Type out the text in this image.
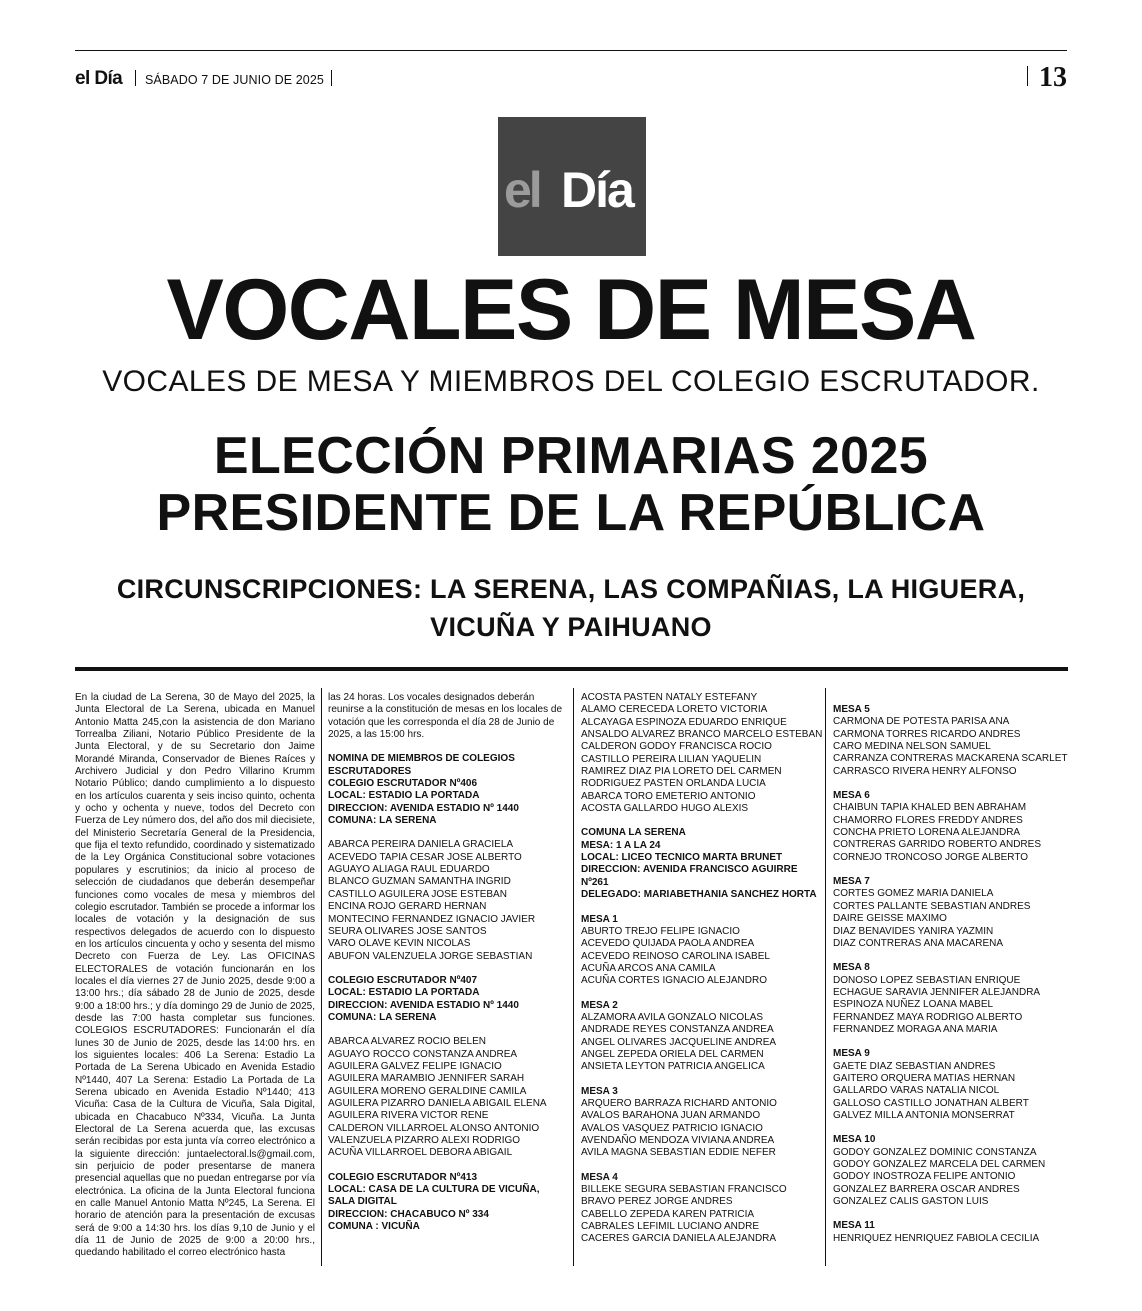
el Día SÁBADO 7 DE JUNIO DE 2025	13
el Día
VOCALES DE MESA
VOCALES DE MESA Y MIEMBROS DEL COLEGIO ESCRUTADOR.
ELECCIÓN PRIMARIAS 2025
PRESIDENTE DE LA REPÚBLICA
CIRCUNSCRIPCIONES: LA SERENA, LAS COMPAÑIAS, LA HIGUERA,
VICUÑA Y PAIHUANO
En la ciudad de La Serena, 30 de Mayo del 2025, la Junta Electoral de La Serena, ubicada en Manuel Antonio Matta 245,con la asistencia de don Mariano Torrealba Ziliani, Notario Público Presidente de la Junta Electoral, y de su Secretario don Jaime Morandé Miranda, Conservador de Bienes Raíces y Archivero Judicial y don Pedro Villarino Krumm Notario Público; dando cumplimiento a lo dispuesto en los artículos cuarenta y seis inciso quinto, ochenta y ocho y ochenta y nueve, todos del Decreto con Fuerza de Ley número dos, del año dos mil diecisiete, del Ministerio Secretaría General de la Presidencia, que fija el texto refundido, coordinado y sistematizado de la Ley Orgánica Constitucional sobre votaciones populares y escrutinios; da inicio al proceso de selección de ciudadanos que deberán desempeñar funciones como vocales de mesa y miembros del colegio escrutador. También se procede a informar los locales de votación y la designación de sus respectivos delegados de acuerdo con lo dispuesto en los artículos cincuenta y ocho y sesenta del mismo Decreto con Fuerza de Ley. Las OFICINAS ELECTORALES de votación funcionarán en los locales el día viernes 27 de Junio 2025, desde 9:00 a 13:00 hrs.; día sábado 28 de Junio de 2025, desde 9:00 a 18:00 hrs.; y día domingo 29 de Junio de 2025, desde las 7:00 hasta completar sus funciones. COLEGIOS ESCRUTADORES: Funcionarán el día lunes 30 de Junio de 2025, desde las 14:00 hrs. en los siguientes locales: 406 La Serena: Estadio La Portada de La Serena Ubicado en Avenida Estadio Nº1440, 407 La Serena: Estadio La Portada de La Serena ubicado en Avenida Estadio Nº1440; 413 Vicuña: Casa de la Cultura de Vicuña, Sala Digital, ubicada en Chacabuco Nº334, Vicuña. La Junta Electoral de La Serena acuerda que, las excusas serán recibidas por esta junta vía correo electrónico a la siguiente dirección: juntaelectoral.ls@gmail.com, sin perjuicio de poder presentarse de manera presencial aquellas que no puedan entregarse por vía electrónica. La oficina de la Junta Electoral funciona en calle Manuel Antonio Matta Nº245, La Serena. El horario de atención para la presentación de excusas será de 9:00 a 14:30 hrs. los días 9,10 de Junio y el día 11 de Junio de 2025 de 9:00 a 20:00 hrs., quedando habilitado el correo electrónico hasta
las 24 horas. Los vocales designados deberán reunirse a la constitución de mesas en los locales de votación que les corresponda el día 28 de Junio de 2025, a las 15:00 hrs.
NOMINA DE MIEMBROS DE COLEGIOS ESCRUTADORES
COLEGIO ESCRUTADOR Nº406
LOCAL: ESTADIO LA PORTADA
DIRECCION: AVENIDA ESTADIO Nº 1440
COMUNA: LA SERENA
ABARCA PEREIRA DANIELA GRACIELA
ACEVEDO TAPIA CESAR JOSE ALBERTO
AGUAYO ALIAGA RAUL EDUARDO
BLANCO GUZMAN SAMANTHA INGRID
CASTILLO AGUILERA JOSE ESTEBAN
ENCINA ROJO GERARD HERNAN
MONTECINO FERNANDEZ IGNACIO JAVIER
SEURA OLIVARES JOSE SANTOS
VARO OLAVE KEVIN NICOLAS
ABUFON VALENZUELA JORGE SEBASTIAN
COLEGIO ESCRUTADOR Nº407
LOCAL: ESTADIO LA PORTADA
DIRECCION: AVENIDA ESTADIO Nº 1440
COMUNA: LA SERENA
ABARCA ALVAREZ ROCIO BELEN
AGUAYO ROCCO CONSTANZA ANDREA
AGUILERA GALVEZ FELIPE IGNACIO
AGUILERA MARAMBIO JENNIFER SARAH
AGUILERA MORENO GERALDINE CAMILA
AGUILERA PIZARRO DANIELA ABIGAIL ELENA
AGUILERA RIVERA VICTOR RENE
CALDERON VILLARROEL ALONSO ANTONIO
VALENZUELA PIZARRO ALEXI RODRIGO
ACUÑA VILLARROEL DEBORA ABIGAIL
COLEGIO ESCRUTADOR Nº413
LOCAL: CASA DE LA CULTURA DE VICUÑA, SALA DIGITAL
DIRECCION: CHACABUCO Nº 334
COMUNA : VICUÑA
ACOSTA PASTEN NATALY ESTEFANY
ALAMO CERECEDA LORETO VICTORIA
ALCAYAGA ESPINOZA EDUARDO ENRIQUE
ANSALDO ALVAREZ BRANCO MARCELO ESTEBAN
CALDERON GODOY FRANCISCA ROCIO
CASTILLO PEREIRA LILIAN YAQUELIN
RAMIREZ DIAZ PIA LORETO DEL CARMEN
RODRIGUEZ PASTEN ORLANDA LUCIA
ABARCA TORO EMETERIO ANTONIO
ACOSTA GALLARDO HUGO ALEXIS
COMUNA LA SERENA
MESA: 1 A LA 24
LOCAL: LICEO TECNICO MARTA BRUNET
DIRECCION: AVENIDA FRANCISCO AGUIRRE Nº261
DELEGADO: MARIABETHANIA SANCHEZ HORTA
MESA 1
ABURTO TREJO FELIPE IGNACIO
ACEVEDO QUIJADA PAOLA ANDREA
ACEVEDO REINOSO CAROLINA ISABEL
ACUÑA ARCOS ANA CAMILA
ACUÑA CORTES IGNACIO ALEJANDRO
MESA 2
ALZAMORA AVILA GONZALO NICOLAS
ANDRADE REYES CONSTANZA ANDREA
ANGEL OLIVARES JACQUELINE ANDREA
ANGEL ZEPEDA ORIELA DEL CARMEN
ANSIETA LEYTON PATRICIA ANGELICA
MESA 3
ARQUERO BARRAZA RICHARD ANTONIO
AVALOS BARAHONA JUAN ARMANDO
AVALOS VASQUEZ PATRICIO IGNACIO
AVENDAÑO MENDOZA VIVIANA ANDREA
AVILA MAGNA SEBASTIAN EDDIE NEFER
MESA 4
BILLEKE SEGURA SEBASTIAN FRANCISCO
BRAVO PEREZ JORGE ANDRES
CABELLO ZEPEDA KAREN PATRICIA
CABRALES LEFIMIL LUCIANO ANDRE
CACERES GARCIA DANIELA ALEJANDRA
MESA 5
CARMONA DE POTESTA PARISA ANA
CARMONA TORRES RICARDO ANDRES
CARO MEDINA NELSON SAMUEL
CARRANZA CONTRERAS MACKARENA SCARLET
CARRASCO RIVERA HENRY ALFONSO
MESA 6
CHAIBUN TAPIA KHALED BEN ABRAHAM
CHAMORRO FLORES FREDDY ANDRES
CONCHA PRIETO LORENA ALEJANDRA
CONTRERAS GARRIDO ROBERTO ANDRES
CORNEJO TRONCOSO JORGE ALBERTO
MESA 7
CORTES GOMEZ MARIA DANIELA
CORTES PALLANTE SEBASTIAN ANDRES
DAIRE GEISSE MAXIMO
DIAZ BENAVIDES YANIRA YAZMIN
DIAZ CONTRERAS ANA MACARENA
MESA 8
DONOSO LOPEZ SEBASTIAN ENRIQUE
ECHAGUE SARAVIA JENNIFER ALEJANDRA
ESPINOZA NUÑEZ LOANA MABEL
FERNANDEZ MAYA RODRIGO ALBERTO
FERNANDEZ MORAGA ANA MARIA
MESA 9
GAETE DIAZ SEBASTIAN ANDRES
GAITERO ORQUERA MATIAS HERNAN
GALLARDO VARAS NATALIA NICOL
GALLOSO CASTILLO JONATHAN ALBERT
GALVEZ MILLA ANTONIA MONSERRAT
MESA 10
GODOY GONZALEZ DOMINIC CONSTANZA
GODOY GONZALEZ MARCELA DEL CARMEN
GODOY INOSTROZA FELIPE ANTONIO
GONZALEZ BARRERA OSCAR ANDRES
GONZALEZ CALIS GASTON LUIS
MESA 11
HENRIQUEZ HENRIQUEZ FABIOLA CECILIA
